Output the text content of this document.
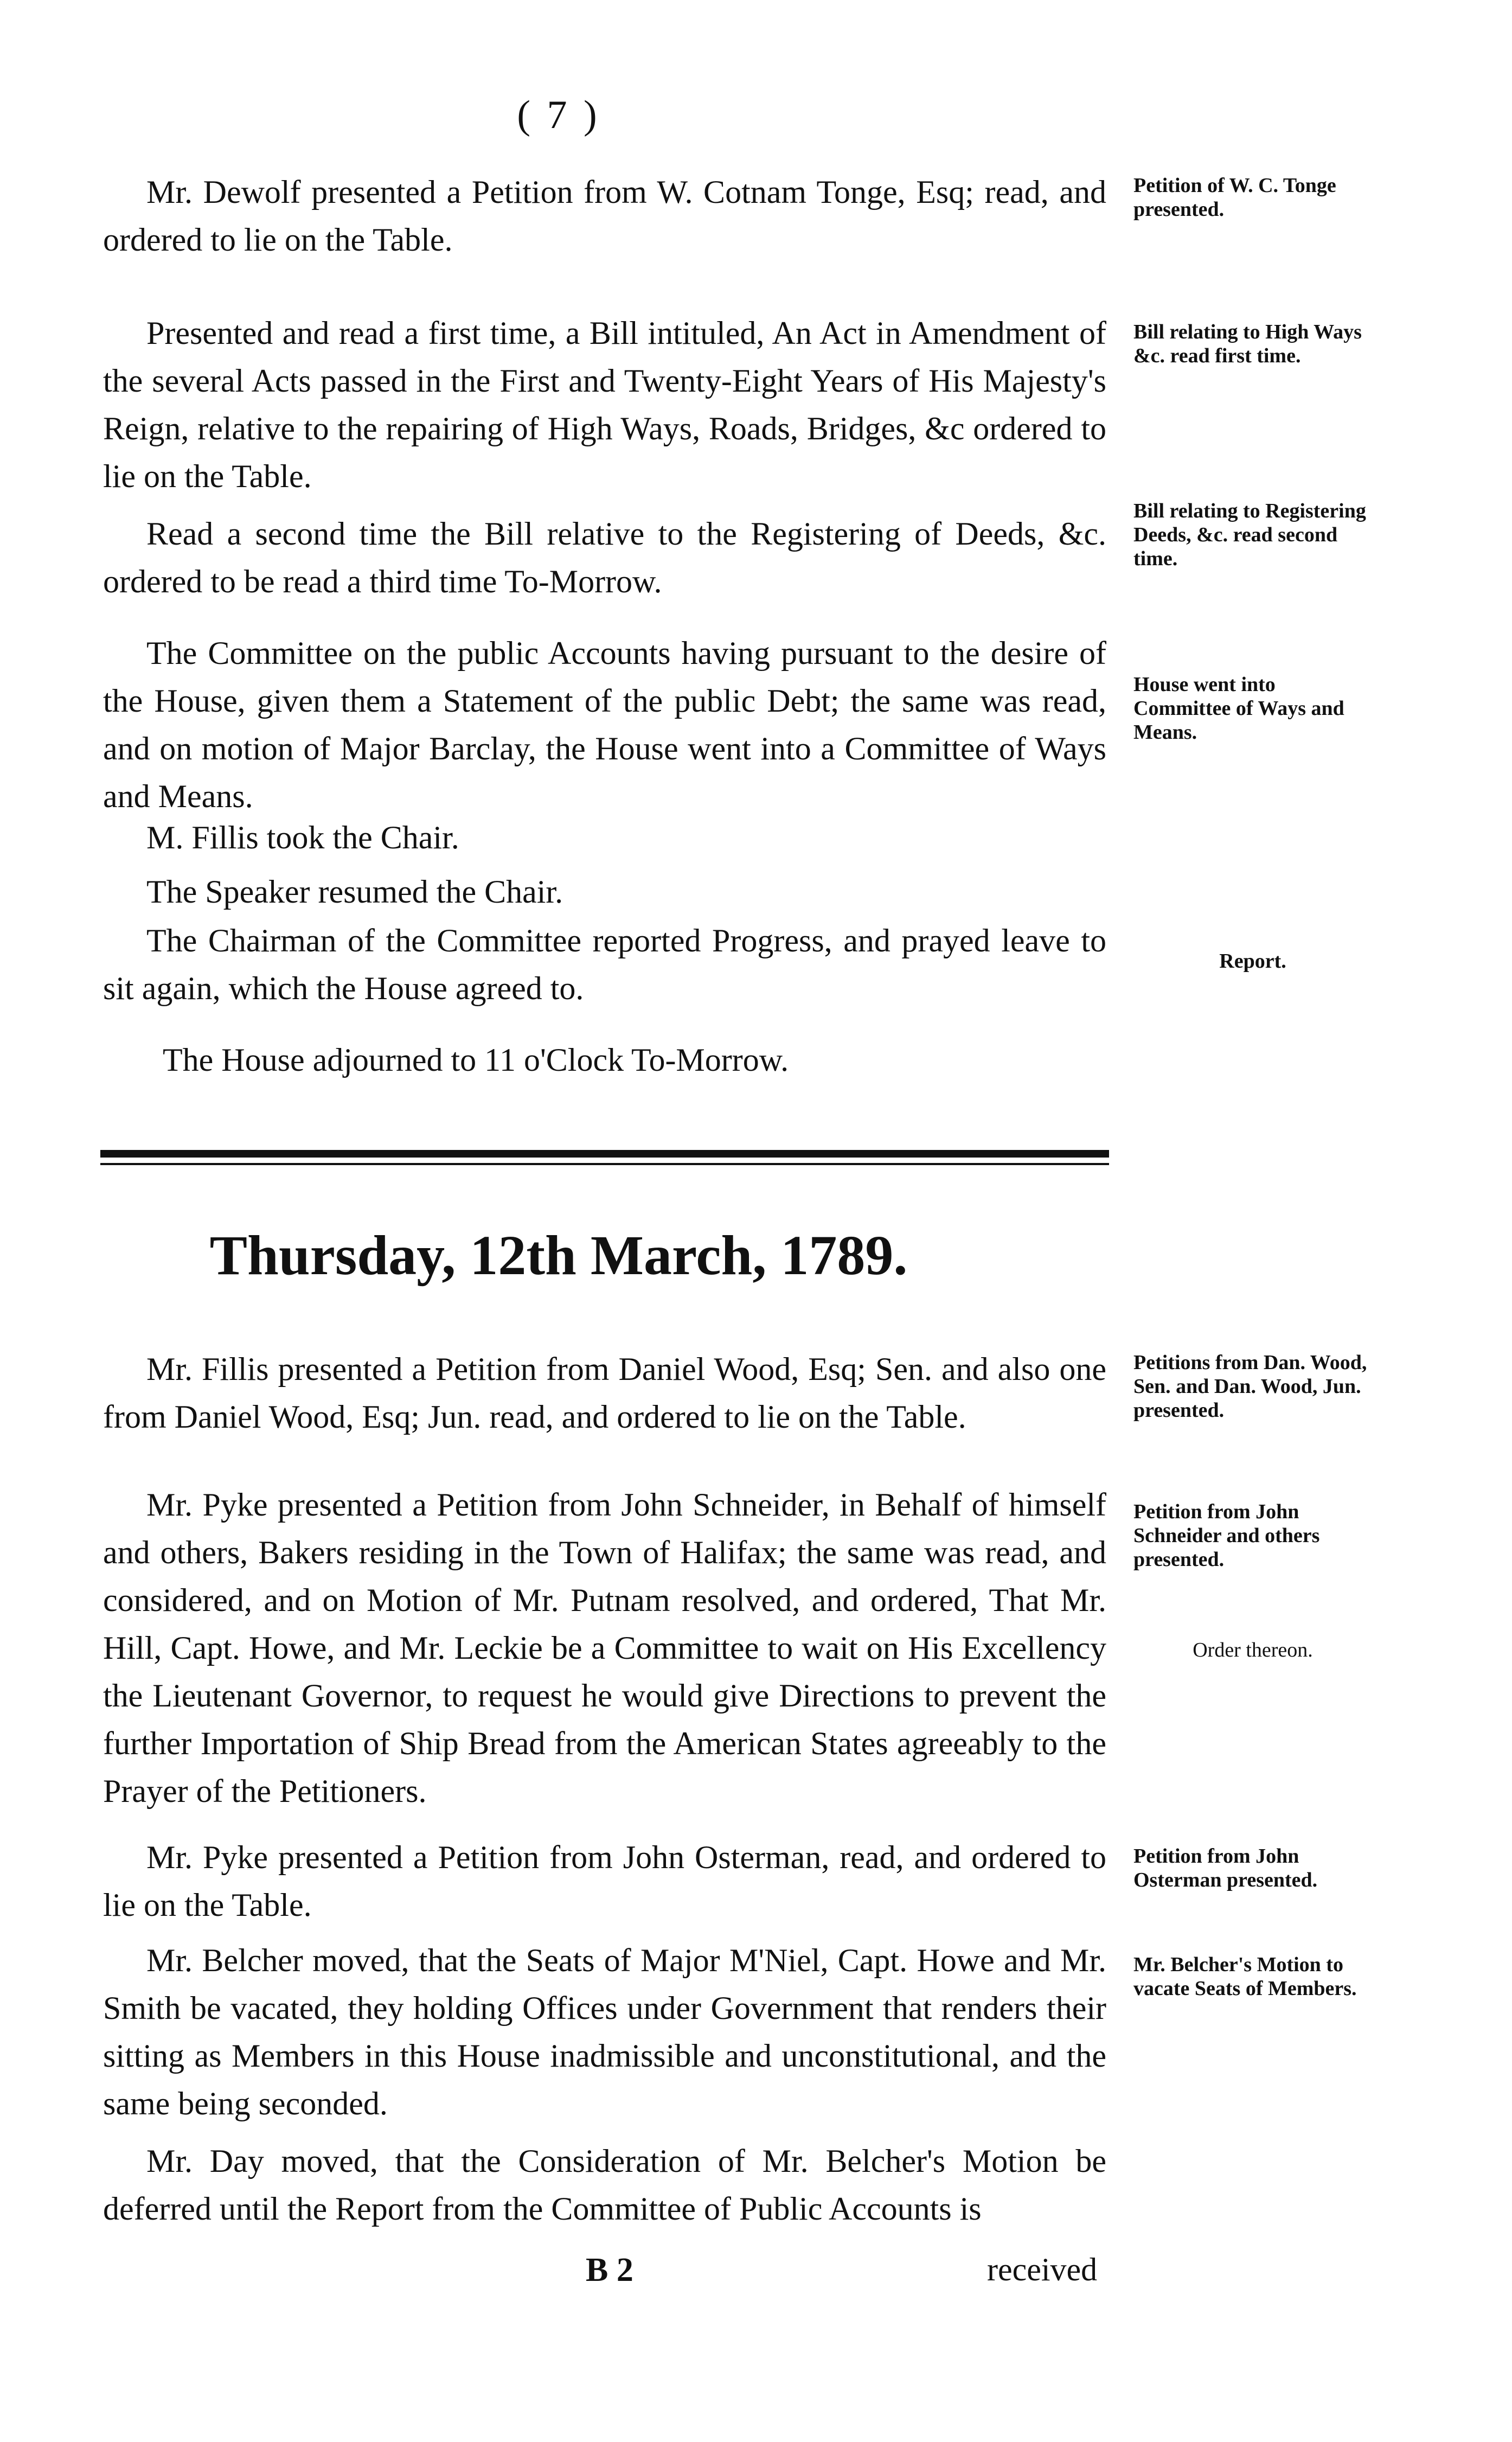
( 7 )

Mr. Dewolf presented a Petition from W. Cotnam Tonge, Esq; read, and ordered to lie on the Table.

Petition of W. C. Tonge presented.

Presented and read a first time, a Bill intituled, An Act in Amendment of the several Acts passed in the First and Twenty-Eight Years of His Majesty's Reign, relative to the repairing of High Ways, Roads, Bridges, &c ordered to lie on the Table.

Bill relating to High Ways &c. read first time.

Read a second time the Bill relative to the Registering of Deeds, &c. ordered to be read a third time To-Morrow.

Bill relating to Registering Deeds, &c. read second time.

The Committee on the public Accounts having pursuant to the desire of the House, given them a Statement of the public Debt; the same was read, and on motion of Major Barclay, the House went into a Committee of Ways and Means.

House went into Committee of Ways and Means.

M. Fillis took the Chair.

The Speaker resumed the Chair.

The Chairman of the Committee reported Progress, and prayed leave to sit again, which the House agreed to.

Report.
The House adjourned to 11 o'Clock To-Morrow.
Thursday, 12th March, 1789.

Mr. Fillis presented a Petition from Daniel Wood, Esq; Sen. and also one from Daniel Wood, Esq; Jun. read, and ordered to lie on the Table.

Petitions from Dan. Wood, Sen. and Dan. Wood, Jun. presented.

Mr. Pyke presented a Petition from John Schneider, in Behalf of himself and others, Bakers residing in the Town of Halifax; the same was read, and considered, and on Motion of Mr. Putnam resolved, and ordered, That Mr. Hill, Capt. Howe, and Mr. Leckie be a Committee to wait on His Excellency the Lieutenant Governor, to request he would give Directions to prevent the further Importation of Ship Bread from the American States agreeably to the Prayer of the Petitioners.

Petition from John Schneider and others presented.
Order thereon.

Mr. Pyke presented a Petition from John Osterman, read, and ordered to lie on the Table.

Petition from John Osterman presented.

Mr. Belcher moved, that the Seats of Major M'Niel, Capt. Howe and Mr. Smith be vacated, they holding Offices under Government that renders their sitting as Members in this House inadmissible and unconstitutional, and the same being seconded.

Mr. Belcher's Motion to vacate Seats of Members.

Mr. Day moved, that the Consideration of Mr. Belcher's Motion be deferred until the Report from the Committee of Public Accounts is

B 2	received
